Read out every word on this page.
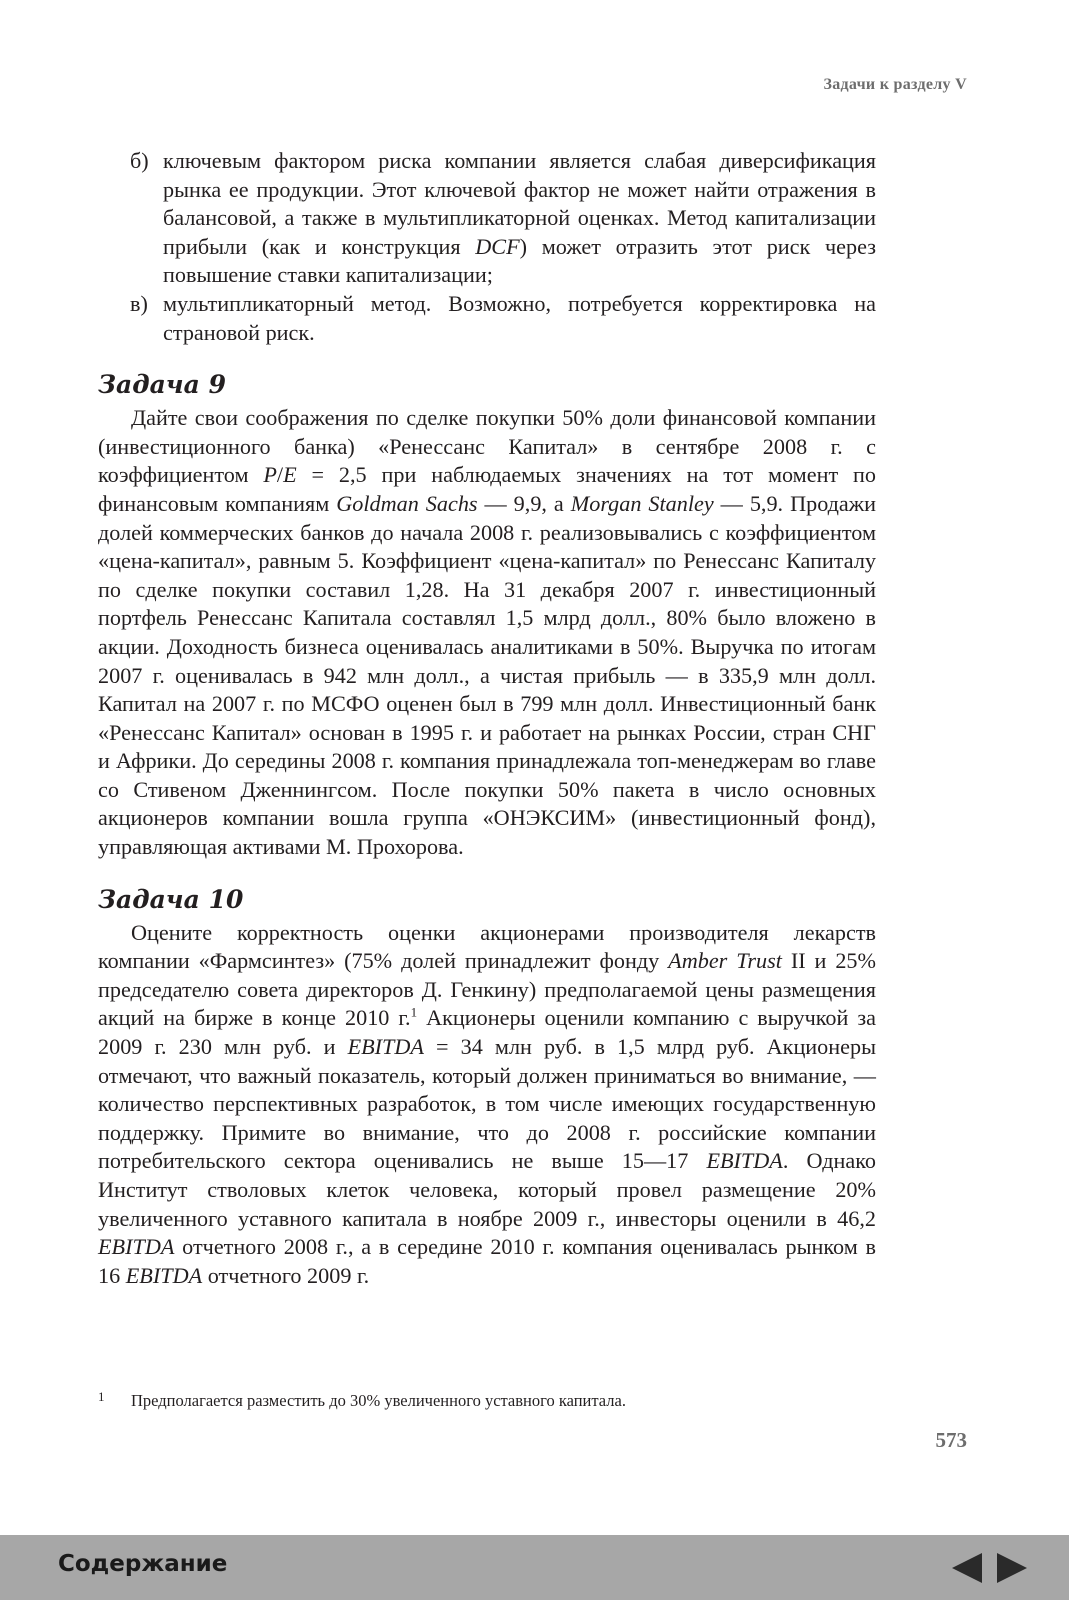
Задачи к разделу V
б) ключевым фактором риска компании является слабая диверсификация рынка ее продукции. Этот ключевой фактор не может найти отражения в балансовой, а также в мультипликаторной оценках. Метод капитализации прибыли (как и конструкция DCF) может отразить этот риск через повышение ставки капитализации;
в) мультипликаторный метод. Возможно, потребуется корректировка на страновой риск.
Задача 9

Дайте свои соображения по сделке покупки 50% доли финансовой компании (инвестиционного банка) «Ренессанс Капитал» в сентябре 2008 г. с коэффициентом P/E = 2,5 при наблюдаемых значениях на тот момент по финансовым компаниям Goldman Sachs — 9,9, а Morgan Stanley — 5,9. Продажи долей коммерческих банков до начала 2008 г. реализовывались с коэффициентом «цена-капитал», равным 5. Коэффициент «цена-капитал» по Ренессанс Капиталу по сделке покупки составил 1,28. На 31 декабря 2007 г. инвестиционный портфель Ренессанс Капитала составлял 1,5 млрд долл., 80% было вложено в акции. Доходность бизнеса оценивалась аналитиками в 50%. Выручка по итогам 2007 г. оценивалась в 942 млн долл., а чистая прибыль — в 335,9 млн долл. Капитал на 2007 г. по МСФО оценен был в 799 млн долл. Инвестиционный банк «Ренессанс Капитал» основан в 1995 г. и работает на рынках России, стран СНГ и Африки. До середины 2008 г. компания принадлежала топ-менеджерам во главе со Стивеном Дженнингсом. После покупки 50% пакета в число основных акционеров компании вошла группа «ОНЭКСИМ» (инвестиционный фонд), управляющая активами М. Прохорова.

Задача 10

Оцените корректность оценки акционерами производителя лекарств компании «Фармсинтез» (75% долей принадлежит фонду Amber Trust II и 25% председателю совета директоров Д. Генкину) предполагаемой цены размещения акций на бирже в конце 2010 г.$^1$ Акционеры оценили компанию с выручкой за 2009 г. 230 млн руб. и EBITDA = 34 млн руб. в 1,5 млрд руб. Акционеры отмечают, что важный показатель, который должен приниматься во внимание, — количество перспективных разработок, в том числе имеющих государственную поддержку. Примите во внимание, что до 2008 г. российские компании потребительского сектора оценивались не выше 15—17 EBITDA. Однако Институт стволовых клеток человека, который провел размещение 20% увеличенного уставного капитала в ноябре 2009 г., инвесторы оценили в 46,2 EBITDA отчетного 2008 г., а в середине 2010 г. компания оценивалась рынком в 16 EBITDA отчетного 2009 г.

1	Предполагается разместить до 30% увеличенного уставного капитала.
573
Содержание
